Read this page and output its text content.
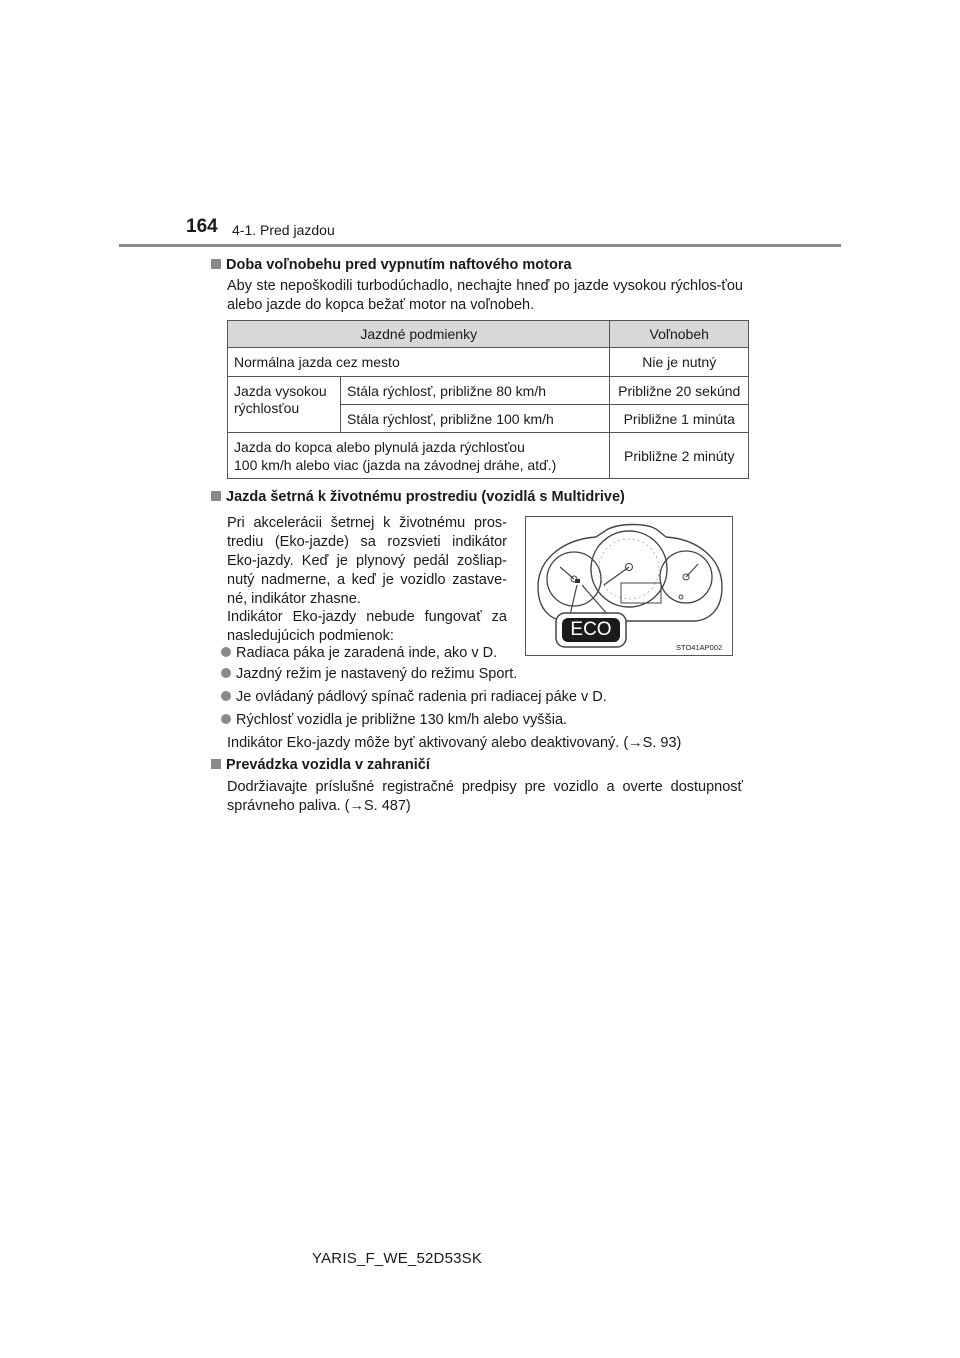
164 4-1. Pred jazdou
Doba voľnobehu pred vypnutím naftového motora
Aby ste nepoškodili turbodúchadlo, nechajte hneď po jazde vysokou rýchlos-ťou alebo jazde do kopca bežať motor na voľnobeh.
Jazdné podmienky		Voľnobeh
Normálna jazda cez mesto		Nie je nutný
Jazda vysokou rýchlosťou	Stála rýchlosť, približne 80 km/h	Približne 20 sekúnd
	Stála rýchlosť, približne 100 km/h	Približne 1 minúta
Jazda do kopca alebo plynulá jazda rýchlosťou
100 km/h alebo viac (jazda na závodnej dráhe, atď.)		Približne 2 minúty
Jazda šetrná k životnému prostrediu (vozidlá s Multidrive)
Pri akcelerácii šetrnej k životnému pros-trediu (Eko-jazde) sa rozsvieti indikátor Eko-jazdy. Keď je plynový pedál zošliap-nutý nadmerne, a keď je vozidlo zastave-né, indikátor zhasne.
Indikátor Eko-jazdy nebude fungovať za nasledujúcich podmienok:	ECO
STO41AP002
Radiaca páka je zaradená inde, ako v D.
Jazdný režim je nastavený do režimu Sport.
Je ovládaný pádlový spínač radenia pri radiacej páke v D.
Rýchlosť vozidla je približne 130 km/h alebo vyššia.
Indikátor Eko-jazdy môže byť aktivovaný alebo deaktivovaný. (→S. 93)
Prevádzka vozidla v zahraničí
Dodržiavajte príslušné registračné predpisy pre vozidlo a overte dostupnosť správneho paliva. (→S. 487)
YARIS_F_WE_52D53SK
